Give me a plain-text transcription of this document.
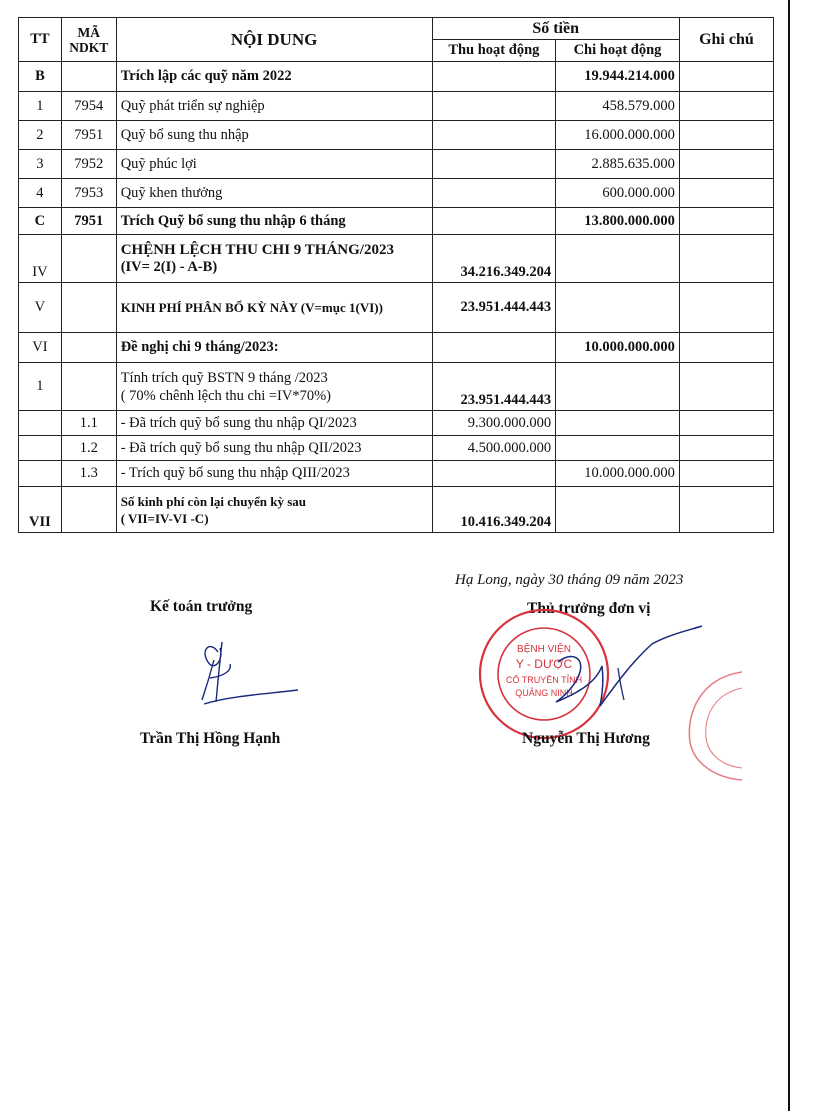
TT	MÃ
NDKT	NỘI DUNG	Số tiền		Ghi chú
			Thu hoạt động	Chi hoạt động	
B		Trích lập các quỹ năm 2022		19.944.214.000	
1	7954	Quỹ phát triển sự nghiệp		458.579.000	
2	7951	Quỹ bổ sung thu nhập		16.000.000.000	
3	7952	Quỹ phúc lợi		2.885.635.000	
4	7953	Quỹ khen thưởng		600.000.000	
C	7951	Trích Quỹ bổ sung thu nhập 6 tháng		13.800.000.000	
IV		CHỆNH LỆCH THU CHI 9 THÁNG/2023
(IV= 2(I) - A-B)	34.216.349.204		
V		KINH PHÍ PHÂN BỔ KỲ NÀY (V=mục 1(VI))	23.951.444.443		
VI		Đề nghị chi 9 tháng/2023:		10.000.000.000	
1		Tính trích quỹ BSTN 9 tháng /2023
( 70% chênh lệch thu chi =IV*70%)	23.951.444.443		
	1.1	- Đã trích quỹ bổ sung thu nhập QI/2023	9.300.000.000		
	1.2	- Đã trích quỹ bổ sung thu nhập QII/2023	4.500.000.000		
	1.3	- Trích quỹ bổ sung thu nhập QIII/2023		10.000.000.000	
VII		Số kinh phí còn lại chuyển kỳ sau
( VII=IV-VI -C)	10.416.349.204		
Hạ Long, ngày 30 tháng 09 năm 2023
Kế toán trưởng	Thủ trưởng đơn vị
BỆNH VIỆN
Y - DƯỢC
CỔ TRUYỀN TỈNH
QUẢNG NINH
Trần Thị Hồng Hạnh	Nguyễn Thị Hương
